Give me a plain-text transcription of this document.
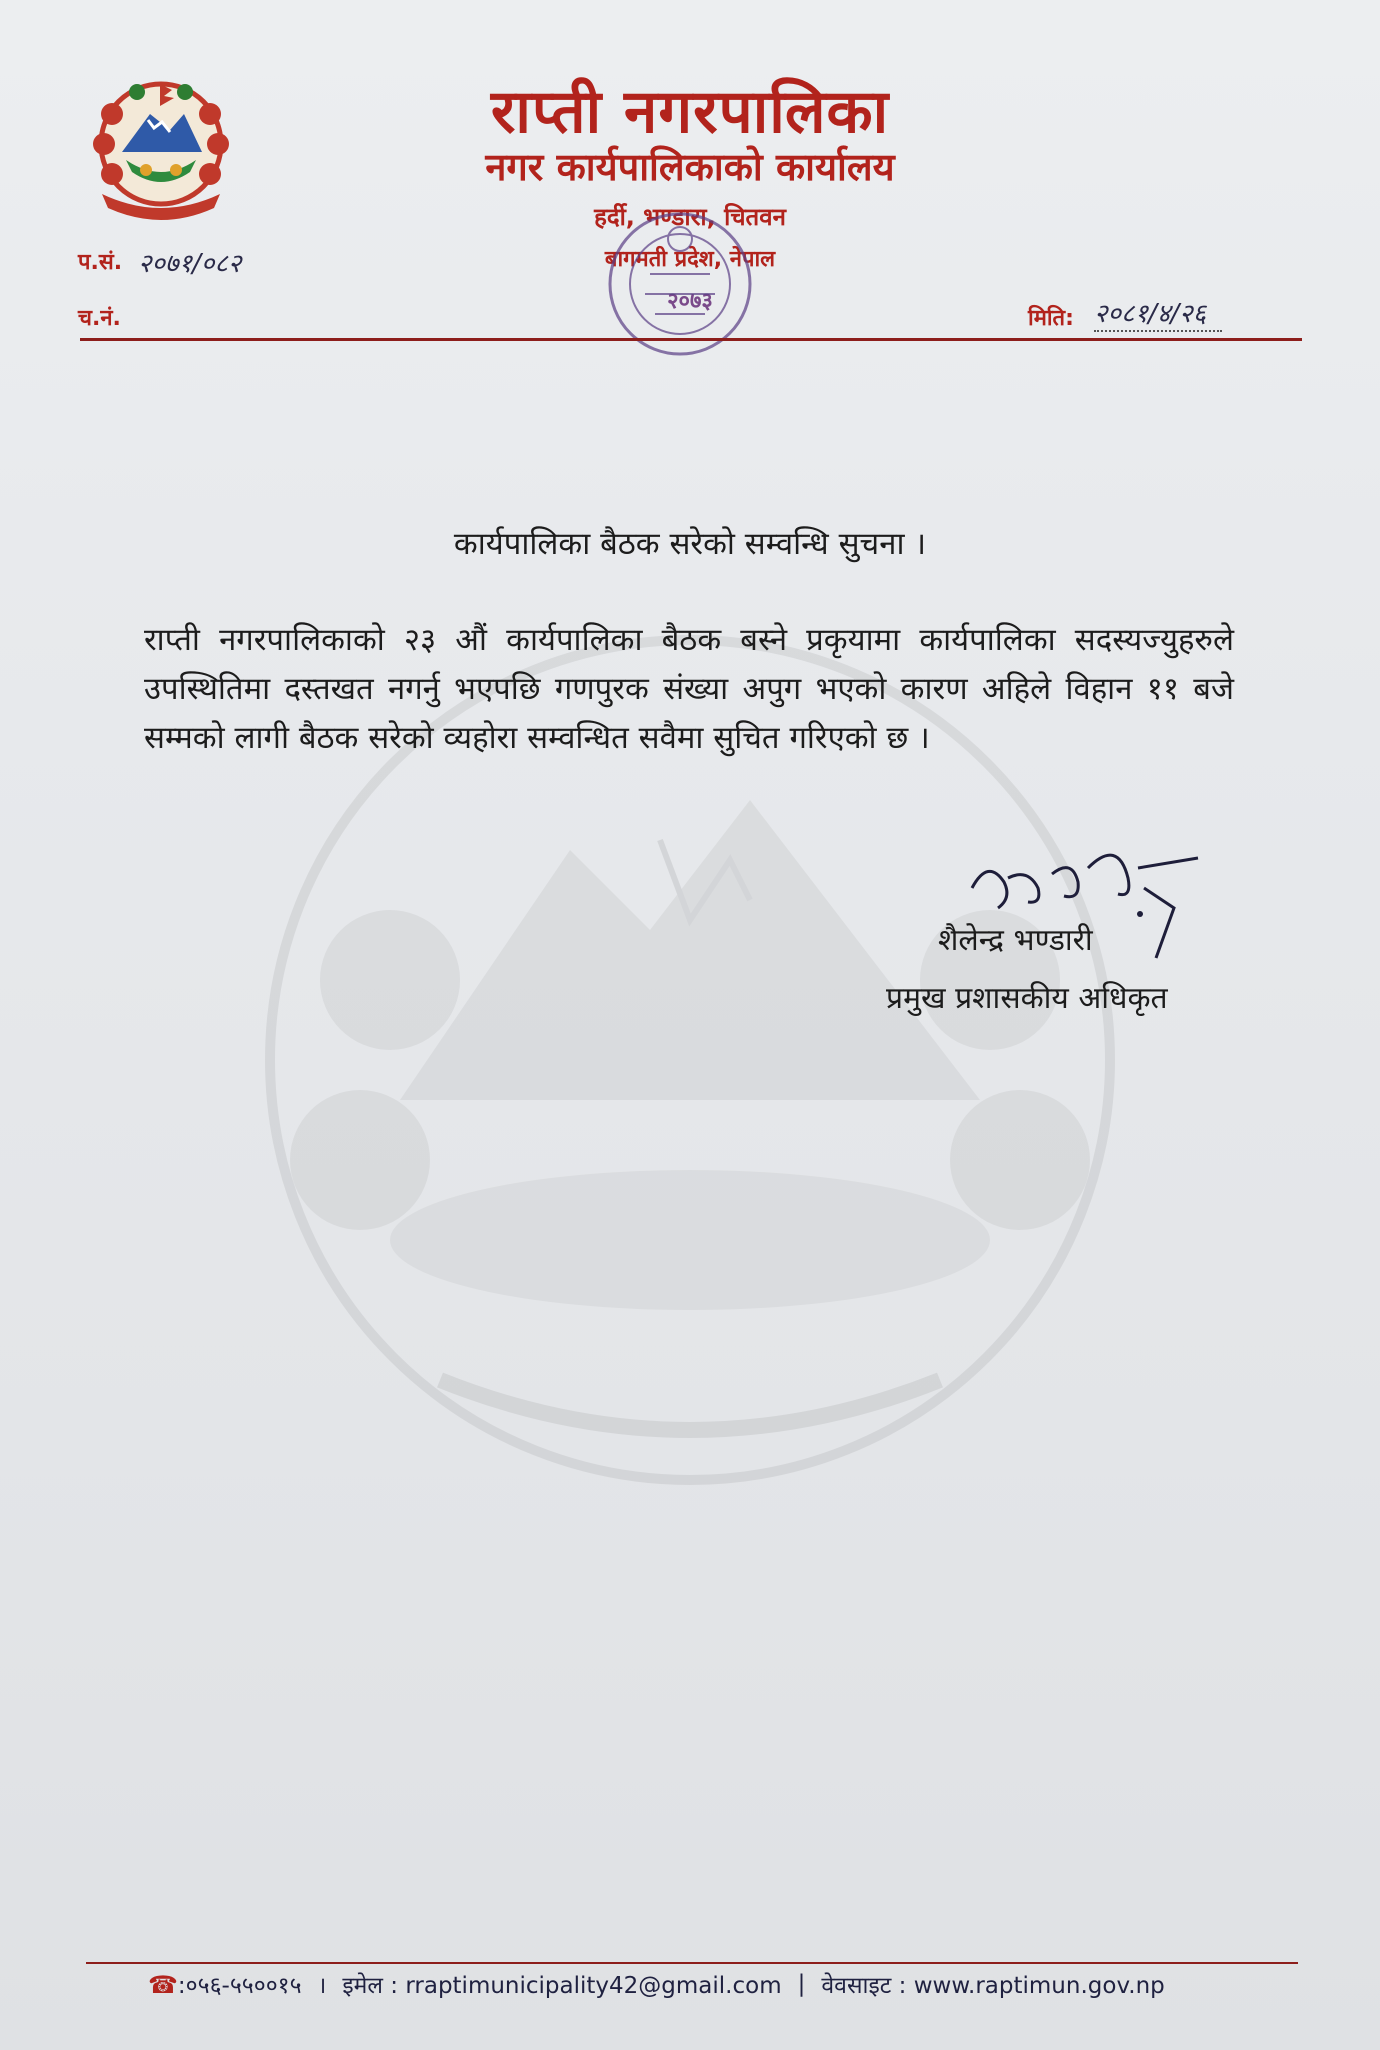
राप्ती नगरपालिका
नगर कार्यपालिकाको कार्यालय
हर्दी, भण्डारा, चितवन
बागमती प्रदेश, नेपाल
२०७३
प.सं. २०७१/०८२
च.नं.	मिति: २०८१/४/२६
कार्यपालिका बैठक सरेको सम्वन्धि सुचना ।
राप्ती नगरपालिकाको २३ औं कार्यपालिका बैठक बस्ने प्रकृयामा कार्यपालिका सदस्यज्युहरुले उपस्थितिमा दस्तखत नगर्नु भएपछि गणपुरक संख्या अपुग भएको कारण अहिले विहान ११ बजे सम्मको लागी बैठक सरेको व्यहोरा सम्वन्धित सवैमा सुचित गरिएको छ ।
शैलेन्द्र भण्डारी
प्रमुख प्रशासकीय अधिकृत
☎:०५६-५५००१५ । इमेल : rraptimunicipality42@gmail.com | वेवसाइट : www.raptimun.gov.np
